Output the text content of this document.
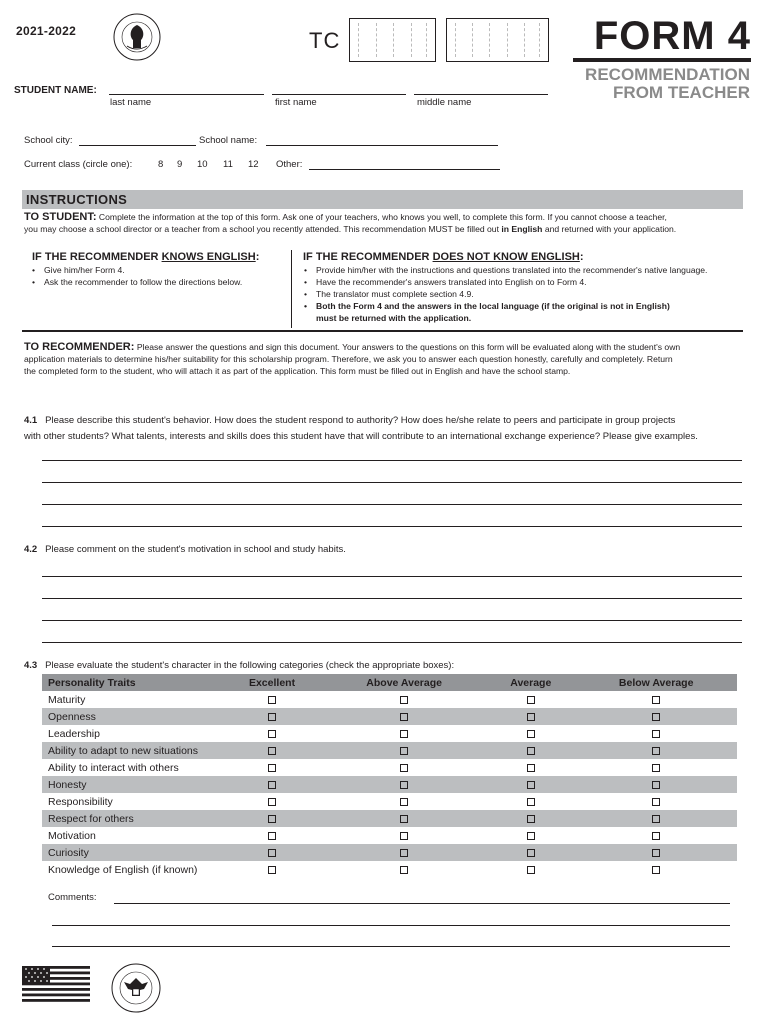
2021-2022	TC	FORM 4
RECOMMENDATION
FROM TEACHER
STUDENT NAME:
last name	first name	middle name
School city:	School name:
Current class (circle one):	8 9 10 11 12 Other:
INSTRUCTIONS
TO STUDENT: Complete the information at the top of this form. Ask one of your teachers, who knows you well, to complete this form. If you cannot choose a teacher,
you may choose a school director or a teacher from a school you recently attended. This recommendation MUST be filled out in English and returned with your application.
IF THE RECOMMENDER KNOWS ENGLISH:
• Give him/her Form 4.
• Ask the recommender to follow the directions below.
IF THE RECOMMENDER DOES NOT KNOW ENGLISH:
• Provide him/her with the instructions and questions translated into the recommender's native language.
• Have the recommender's answers translated into English on to Form 4.
• The translator must complete section 4.9.
• Both the Form 4 and the answers in the local language (if the original is not in English)
must be returned with the application.
TO RECOMMENDER: Please answer the questions and sign this document. Your answers to the questions on this form will be evaluated along with the student's own
application materials to determine his/her suitability for this scholarship program. Therefore, we ask you to answer each question honestly, carefully and completely. Return
the completed form to the student, who will attach it as part of the application. This form must be filled out in English and have the school stamp.
4.1 Please describe this student's behavior. How does the student respond to authority? How does he/she relate to peers and participate in group projects
with other students? What talents, interests and skills does this student have that will contribute to an international exchange experience? Please give examples.
4.2 Please comment on the student's motivation in school and study habits.
4.3 Please evaluate the student's character in the following categories (check the appropriate boxes):
Personality Traits	Excellent	Above Average	Average	Below Average
Maturity				
Openness				
Leadership				
Ability to adapt to new situations				
Ability to interact with others				
Honesty				
Responsibility				
Respect for others				
Motivation				
Curiosity				
Knowledge of English (if known)				
Comments:
